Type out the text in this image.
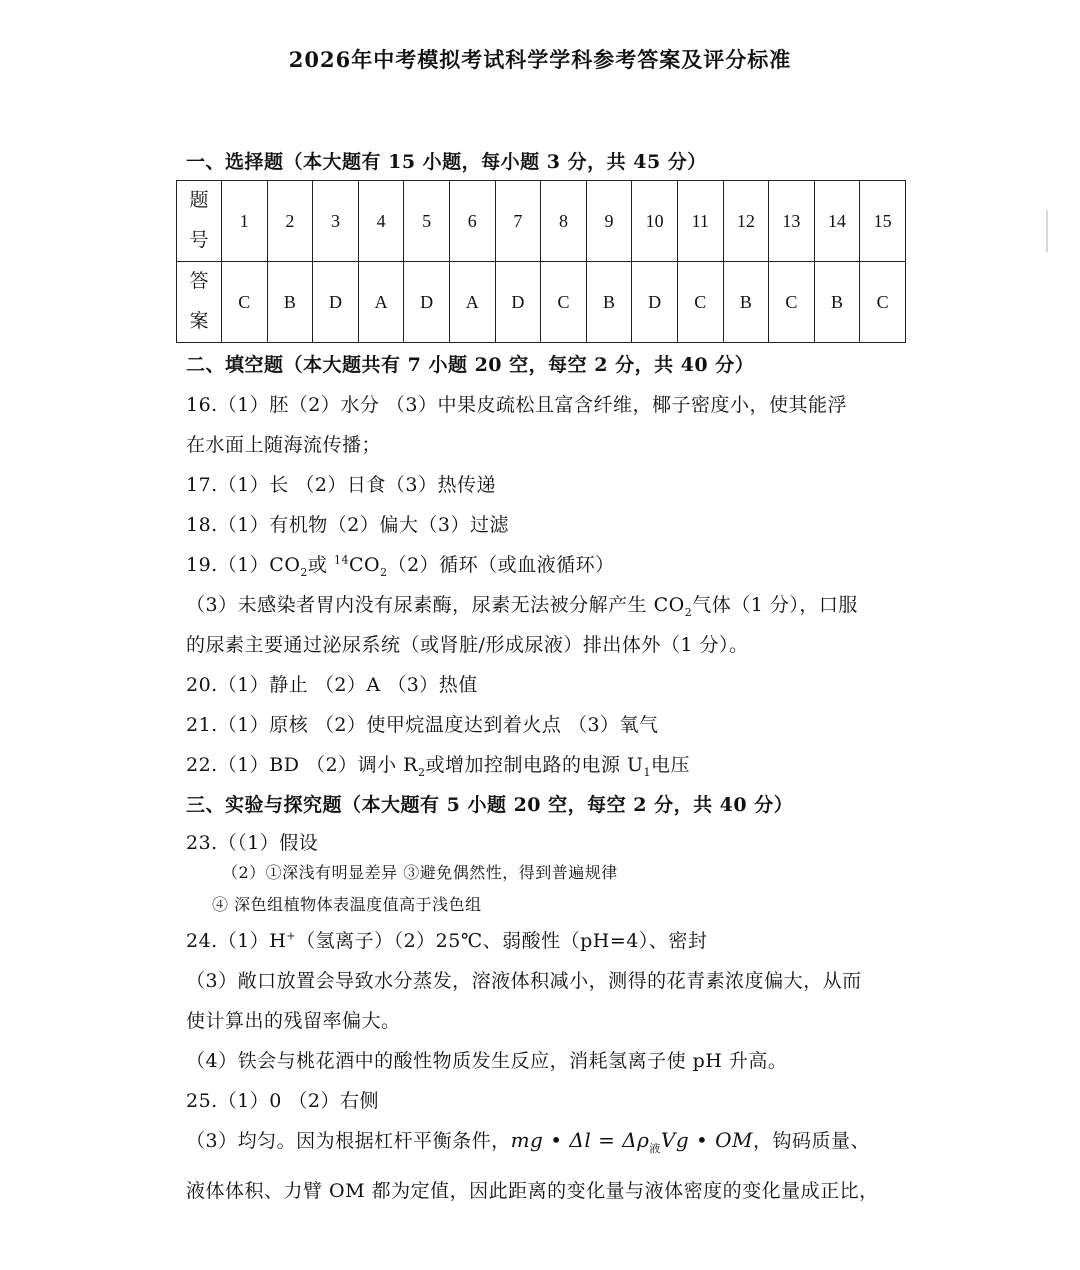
2026年中考模拟考试科学学科参考答案及评分标准
一、选择题（本大题有 15 小题，每小题 3 分，共 45 分）
题
号	1	2	3	4	5	6	7	8	9	10	11	12	13	14	15
答
案	C	B	D	A	D	A	D	C	B	D	C	B	C	B	C
二、填空题（本大题共有 7 小题 20 空，每空 2 分，共 40 分）
16.（1）胚（2）水分 （3）中果皮疏松且富含纤维，椰子密度小，使其能浮
在水面上随海流传播；
17.（1）长 （2）日食（3）热传递
18.（1）有机物（2）偏大（3）过滤
$19.(1)CO_2$或 $^{14}CO_2(2)$循环（或血液循环）
（3）未感染者胃内没有尿素酶，尿素无法被分解产生 $CO_2$气体（1 分），口服
的尿素主要通过泌尿系统（或肾脏/形成尿液）排出体外（1 分）。
20.（1）静止 （2）A （3）热值
21.（1）原核 （2）使甲烷温度达到着火点 （3）氧气
22.（1）BD （2）调小 $R_2$或增加控制电路的电源 $U_1$电压
三、实验与探究题（本大题有 5 小题 20 空，每空 2 分，共 40 分）
23.（（1）假设
（2）①深浅有明显差异 ③避免偶然性，得到普遍规律
④ 深色组植物体表温度值高于浅色组
24.（1）H+（氢离子）（2）25℃、弱酸性（pH=4）、密封
（3）敞口放置会导致水分蒸发，溶液体积减小，测得的花青素浓度偏大，从而
使计算出的残留率偏大。
（4）铁会与桃花酒中的酸性物质发生反应，消耗氢离子使 pH 升高。
25.（1）0 （2）右侧
（3）均匀。因为根据杠杆平衡条件，mg • $\Delta l = \Delta\rho_液Vg$ • OM，钩码质量、
液体体积、力臂 OM 都为定值，因此距离的变化量与液体密度的变化量成正比，
